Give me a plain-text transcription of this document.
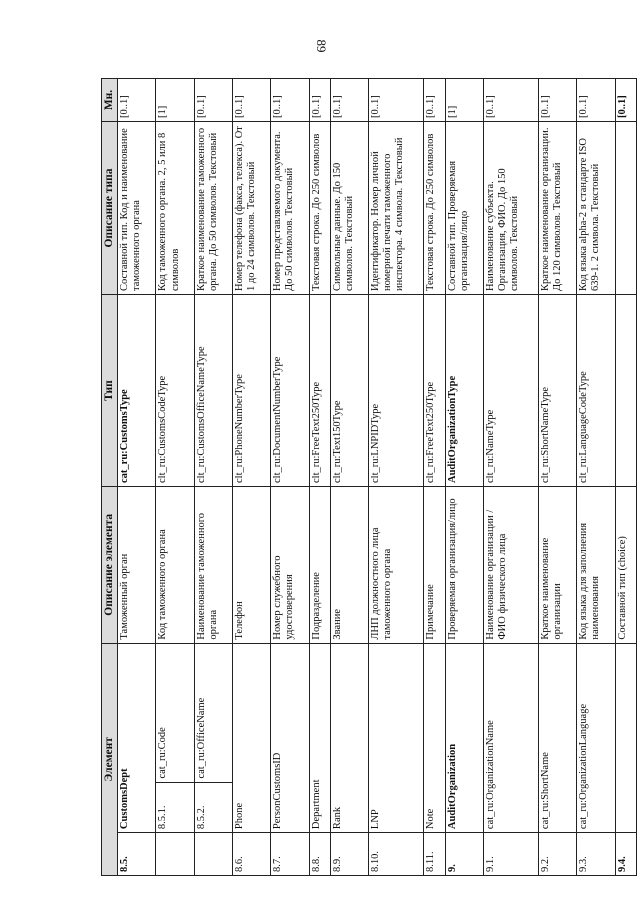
89
Элемент			Описание элемента	Тип	Описание типа	Мн.
8.5.	CustomsDept		Таможенный орган	cat_ru:CustomsType	Составной тип. Код и наименование таможенного органа	[0..1]
	8.5.1.	cat_ru:Code	Код таможенного органа	clt_ru:CustomsCodeType	Код таможенного органа. 2, 5 или 8 символов	[1]
	8.5.2.	cat_ru:OfficeName	Наименование таможенного органа	clt_ru:CustomsOfficeNameType	Краткое наименование таможенного органа. До 50 символов. Текстовый	[0..1]
8.6.	Phone		Телефон	clt_ru:PhoneNumberType	Номер телефона (факса, телекса). От 1 до 24 символов. Текстовый	[0..1]
8.7.	PersonCustomsID		Номер служебного удостоверения	clt_ru:DocumentNumberType	Номер представляемого документа. До 50 символов. Текстовый	[0..1]
8.8.	Department		Подразделение	clt_ru:FreeText250Type	Текстовая строка. До 250 символов	[0..1]
8.9.	Rank		Звание	clt_ru:Text150Type	Символьные данные. До 150 символов. Текстовый	[0..1]
8.10.	LNP		ЛНП должностного лица таможенного органа	clt_ru:LNPIDType	Идентификатор. Номер личной номерной печати таможенного инспектора. 4 символа. Текстовый	[0..1]
8.11.	Note		Примечание	clt_ru:FreeText250Type	Текстовая строка. До 250 символов	[0..1]
9.	AuditOrganization		Проверяемая организация/лицо	AuditOrganizationType	Составной тип. Проверяемая организация/лицо	[1]
9.1.	cat_ru:OrganizationName		Наименование организации / ФИО физического лица	clt_ru:NameType	Наименование субъекта. Организация, ФИО. До 150 символов. Текстовый	[0..1]
9.2.	cat_ru:ShortName		Краткое наименование организации	clt_ru:ShortNameType	Краткое наименование организации. До 120 символов. Текстовый	[0..1]
9.3.	cat_ru:OrganizationLanguage		Код языка для заполнения наименования	clt_ru:LanguageCodeType	Код языка alpha-2 в стандарте ISO 639-1. 2 символа. Текстовый	[0..1]
9.4.			Составной тип (choice)			[0..1]
